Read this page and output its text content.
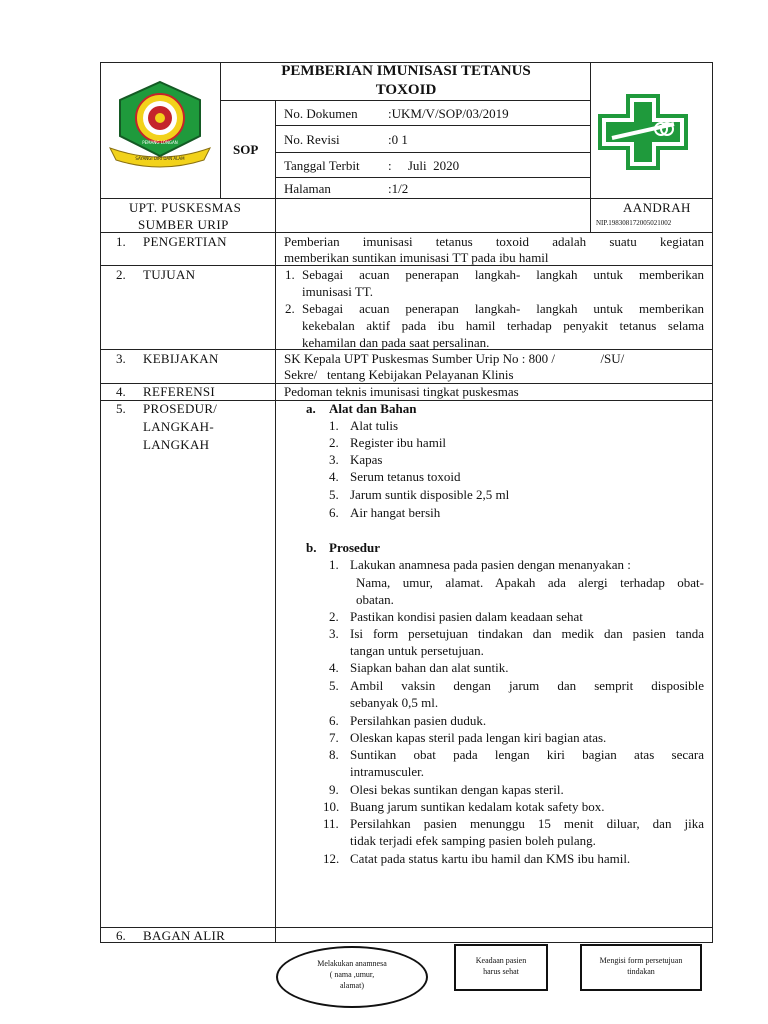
SAYANGI DIRI DAN ALAM
PEMANG LONGAN
PEMBERIAN IMUNISASI TETANUS
TOXOID
SOP
No. Dokumen :UKM/V/SOP/03/2019
No. Revisi	:0 1
Tanggal Terbit :     Juli  2020
Halaman	:1/2
UPT. PUSKESMAS
SUMBER URIP
AANDRAH
NIP.198308172005021002
1. PENGERTIAN	Pemberian imunisasi tetanus toxoid adalah suatu kegiatan
memberikan suntikan imunisasi TT pada ibu hamil
2. TUJUAN	1. Sebagai acuan penerapan langkah- langkah untuk memberikan
imunisasi TT.
2. Sebagai acuan penerapan langkah- langkah untuk memberikan
kekebalan aktif pada ibu hamil terhadap penyakit tetanus selama
kehamilan dan pada saat persalinan.
3. KEBIJAKAN	SK Kepala UPT Puskesmas Sumber Urip No : 800 /              /SU/
Sekre/   tentang Kebijakan Pelayanan Klinis
4. REFERENSI	Pedoman teknis imunisasi tingkat puskesmas
5. PROSEDUR/
LANGKAH-
LANGKAH
a. Alat dan Bahan
1. Alat tulis
2. Register ibu hamil
3. Kapas
4. Serum tetanus toxoid
5. Jarum suntik disposible 2,5 ml
6. Air hangat bersih
b. Prosedur
1. Lakukan anamnesa pada pasien dengan menanyakan :
Nama, umur, alamat. Apakah ada alergi terhadap obat-
obatan.
2. Pastikan kondisi pasien dalam keadaan sehat
3. Isi form persetujuan tindakan dan medik dan pasien tanda
tangan untuk persetujuan.
4. Siapkan bahan dan alat suntik.
5. Ambil vaksin dengan jarum dan semprit disposible
sebanyak 0,5 ml.
6. Persilahkan pasien duduk.
7. Oleskan kapas steril pada lengan kiri bagian atas.
8. Suntikan obat pada lengan kiri bagian atas secara
intramusculer.
9. Olesi bekas suntikan dengan kapas steril.
10. Buang jarum suntikan kedalam kotak safety box.
11. Persilahkan pasien menunggu 15 menit diluar, dan jika
tidak terjadi efek samping pasien boleh pulang.
12. Catat pada status kartu ibu hamil dan KMS ibu hamil.
6. BAGAN ALIR
Melakukan anamnesa
( nama ,umur,
alamat)
Keadaan pasien
harus sehat
Mengisi form persetujuan
tindakan
